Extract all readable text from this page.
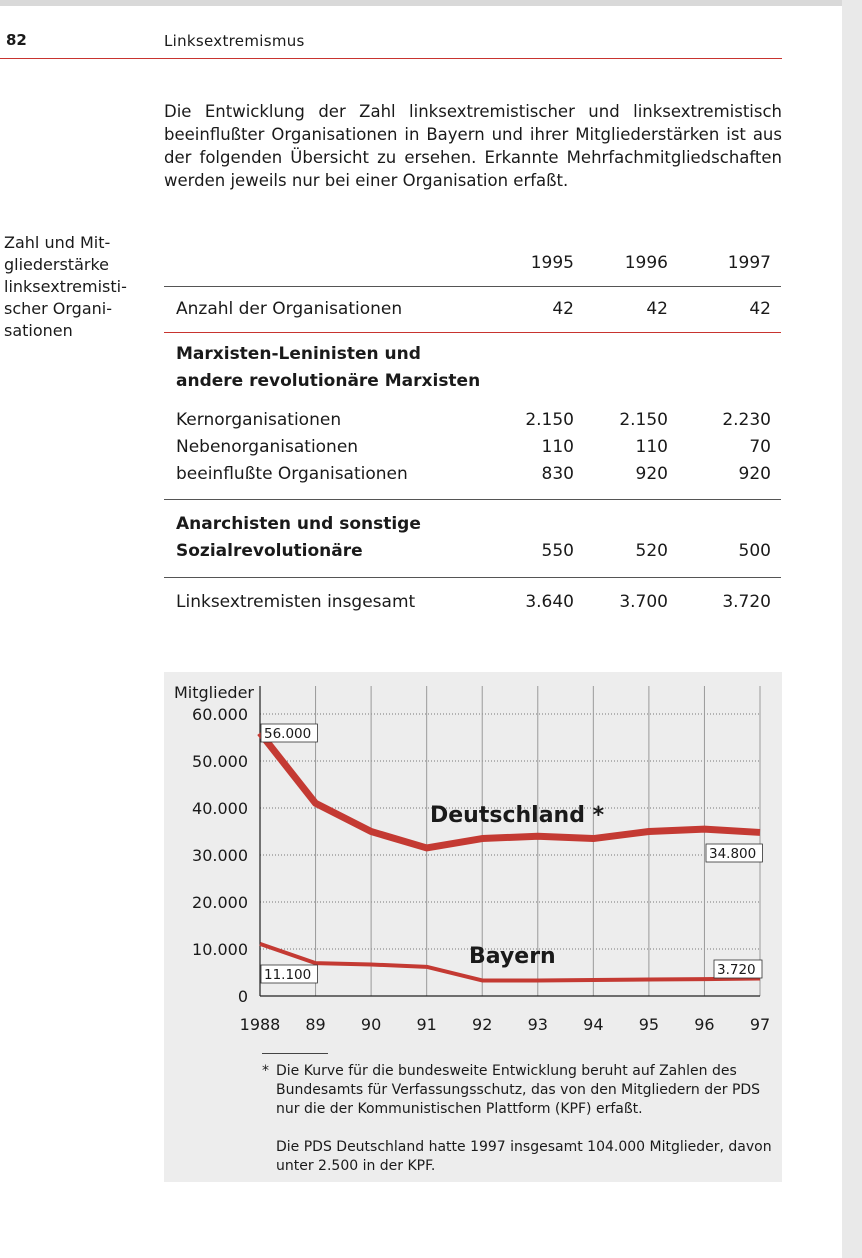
82	Linksextremismus

Die Entwicklung der Zahl linksextremistischer und linksextremistisch beeinflußter Organisationen in Bayern und ihrer Mitgliederstärken ist aus der folgenden Übersicht zu ersehen. Erkannte Mehrfachmitgliedschaften werden jeweils nur bei einer Organisation erfaßt.

Zahl und Mit-
gliederstärke
linksextremisti-
scher Organi-
sationen
1995	1996	1997
Anzahl der Organisationen	42	42	42
Marxisten-Leninisten und
andere revolutionäre Marxisten
Kernorganisationen	2.150	2.150	2.230
Nebenorganisationen	110	110	70
beeinflußte Organisationen	830	920	920
Anarchisten und sonstige
Sozialrevolutionäre	550	520	500
Linksextremisten insgesamt	3.640	3.700	3.720
10.000
20.000
30.000
40.000
50.000
60.000
0
Mitglieder
1988 89 90 91 92 93 94 95 96 97
Deutschland *
Bayern
56.000
34.800
11.100	3.720

* Die Kurve für die bundesweite Entwicklung beruht auf Zahlen des Bundesamts für Verfassungsschutz, das von den Mitgliedern der PDS nur die der Kommunistischen Plattform (KPF) erfaßt.

Die PDS Deutschland hatte 1997 insgesamt 104.000 Mitglieder, davon unter 2.500 in der KPF.
